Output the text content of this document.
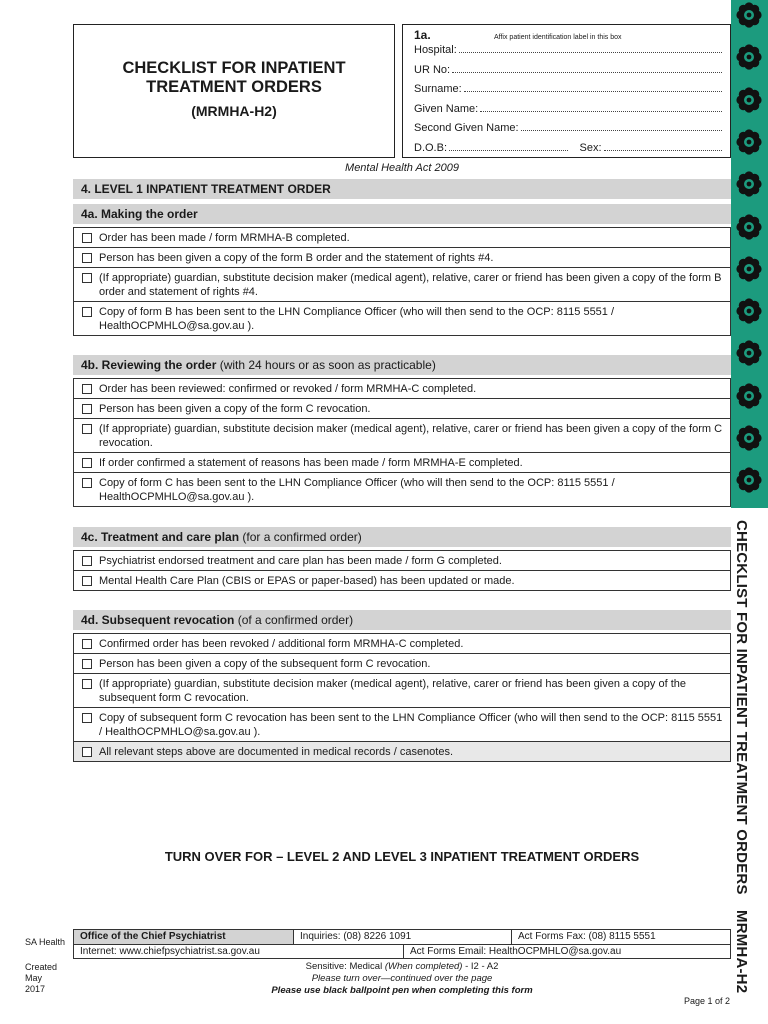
CHECKLIST FOR INPATIENT TREATMENT ORDERS
(MRMHA-H2)
1a.	Affix patient identification label in this box
Hospital:
UR No:
Surname:
Given Name:
Second Given Name:
D.O.B:	Sex:
Mental Health Act 2009
4. LEVEL 1 INPATIENT TREATMENT ORDER
4a. Making the order
Order has been made / form MRMHA-B completed.
Person has been given a copy of the form B order and the statement of rights #4.
(If appropriate) guardian, substitute decision maker (medical agent), relative, carer or friend has been given a copy of the form B order and statement of rights #4.
Copy of form B has been sent to the LHN Compliance Officer (who will then send to the OCP: 8115 5551 / HealthOCPMHLO@sa.gov.au ).
4b. Reviewing the order (with 24 hours or as soon as practicable)
Order has been reviewed: confirmed or revoked / form MRMHA-C completed.
Person has been given a copy of the form C revocation.
(If appropriate) guardian, substitute decision maker (medical agent), relative, carer or friend has been given a copy of the form C revocation.
If order confirmed a statement of reasons has been made / form MRMHA-E completed.
Copy of form C has been sent to the LHN Compliance Officer (who will then send to the OCP: 8115 5551 / HealthOCPMHLO@sa.gov.au ).
4c. Treatment and care plan (for a confirmed order)
Psychiatrist endorsed treatment and care plan has been made / form G completed.
Mental Health Care Plan (CBIS or EPAS or paper-based) has been updated or made.
4d. Subsequent revocation (of a confirmed order)
Confirmed order has been revoked / additional form MRMHA-C completed.
Person has been given a copy of the subsequent form C revocation.
(If appropriate) guardian, substitute decision maker (medical agent), relative, carer or friend has been given a copy of the subsequent form C revocation.
Copy of subsequent form C revocation has been sent to the LHN Compliance Officer (who will then send to the OCP: 8115 5551 / HealthOCPMHLO@sa.gov.au ).
All relevant steps above are documented in medical records / casenotes.
TURN OVER FOR – LEVEL 2 AND LEVEL 3 INPATIENT TREATMENT ORDERS
SA Health
Created
May
2017
Office of the Chief Psychiatrist	Inquiries: (08) 8226 1091	Act Forms Fax: (08) 8115 5551
Internet: www.chiefpsychiatrist.sa.gov.au	Act Forms Email: HealthOCPMHLO@sa.gov.au
Sensitive: Medical (When completed) - I2 - A2
Please turn over—continued over the page
Please use black ballpoint pen when completing this form
Page 1 of 2
CHECKLIST FOR INPATIENT TREATMENT ORDERS
MRMHA-H2
